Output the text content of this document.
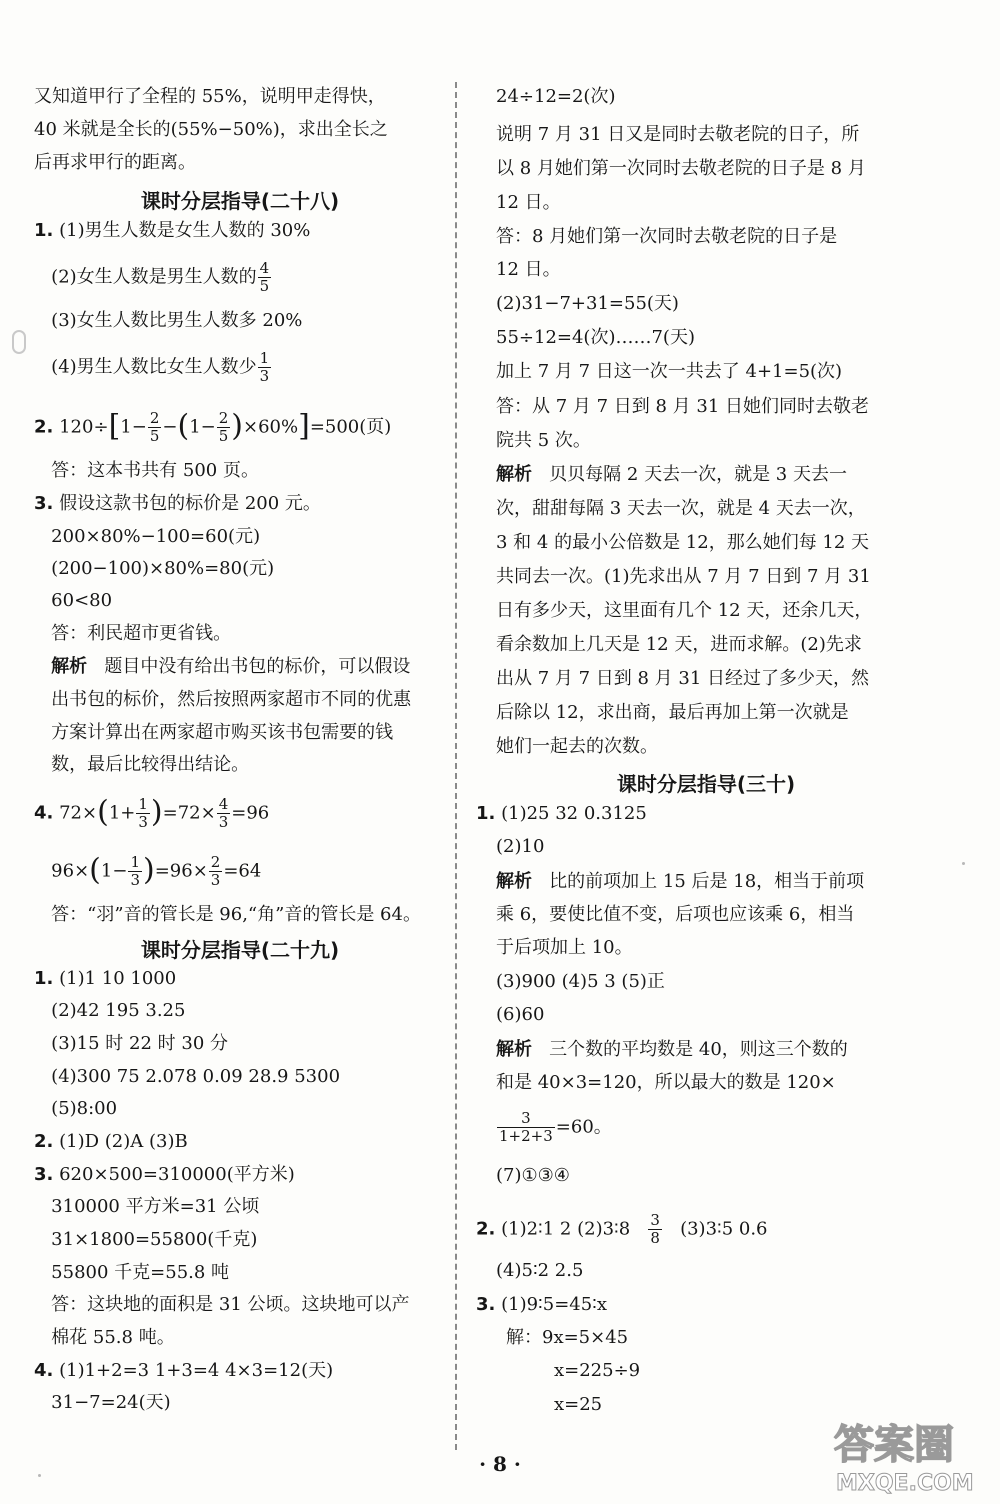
又知道甲行了全程的 55%，说明甲走得快，
40 米就是全长的(55%−50%)，求出全长之
后再求甲行的距离。
课时分层指导(二十八)
1. (1)男生人数是女生人数的 30%
(2)女生人数是男生人数的 $\frac{4}{5}$
(3)女生人数比男生人数多 20%
(4)男生人数比女生人数少 $\frac{1}{3}$
2. $120\div[1- \frac{2}{5} -(1- \frac{2}{5} )\times 60\%]=500$(页)
答：这本书共有 500 页。
3. 假设这款书包的标价是 200 元。
200×80%−100=60(元)
(200−100)×80%=80(元)
60<80
答：利民超市更省钱。
解析 题目中没有给出书包的标价，可以假设
出书包的标价，然后按照两家超市不同的优惠
方案计算出在两家超市购买该书包需要的钱
数，最后比较得出结论。
4. $72\times(1+ \frac{1}{3} )=72\times \frac{4}{3} =96$
$96\times(1- \frac{1}{3} )=96\times \frac{2}{3} =64$
答：“羽”音的管长是 96,“角”音的管长是 64。
课时分层指导(二十九)
1. (1)1 10 1000
(2)42 195 3.25
(3)15 时 22 时 30 分
(4)300 75 2.078 0.09 28.9 5300
(5)8:00
2. (1)D (2)A (3)B
3. 620×500=310000(平方米)
310000 平方米=31 公顷
31×1800=55800(千克)
55800 千克=55.8 吨
答：这块地的面积是 31 公顷。这块地可以产
棉花 55.8 吨。
4. (1)1+2=3 1+3=4 4×3=12(天)
31−7=24(天)
24÷12=2(次)
说明 7 月 31 日又是同时去敬老院的日子，所
以 8 月她们第一次同时去敬老院的日子是 8 月
12 日。
答：8 月她们第一次同时去敬老院的日子是
12 日。
(2)31−7+31=55(天)
55÷12=4(次)……7(天)
加上 7 月 7 日这一次一共去了 4+1=5(次)
答：从 7 月 7 日到 8 月 31 日她们同时去敬老
院共 5 次。
解析 贝贝每隔 2 天去一次，就是 3 天去一
次，甜甜每隔 3 天去一次，就是 4 天去一次，
3 和 4 的最小公倍数是 12，那么她们每 12 天
共同去一次。(1)先求出从 7 月 7 日到 7 月 31
日有多少天，这里面有几个 12 天，还余几天，
看余数加上几天是 12 天，进而求解。(2)先求
出从 7 月 7 日到 8 月 31 日经过了多少天，然
后除以 12，求出商，最后再加上第一次就是
她们一起去的次数。
课时分层指导(三十)
1. (1)25 32 0.3125
(2)10
解析 比的前项加上 15 后是 18，相当于前项
乘 6，要使比值不变，后项也应该乘 6，相当
于后项加上 10。
(3)900 (4)5 3 (5)正
(6)60
解析 三个数的平均数是 40，则这三个数的
和是 40×3=120，所以最大的数是 120×
$\frac{3}{1+2+3} =60$。
(7)①③④
2. (1)2∶1 2 (2)3∶8 $\frac{3}{8}$ (3)3∶5 0.6
(4)5∶2 2.5
3. (1)9∶5=45∶x
解：9x=5×45
x=225÷9
x=25
· 8 ·	答案圈
MXQE.COM
